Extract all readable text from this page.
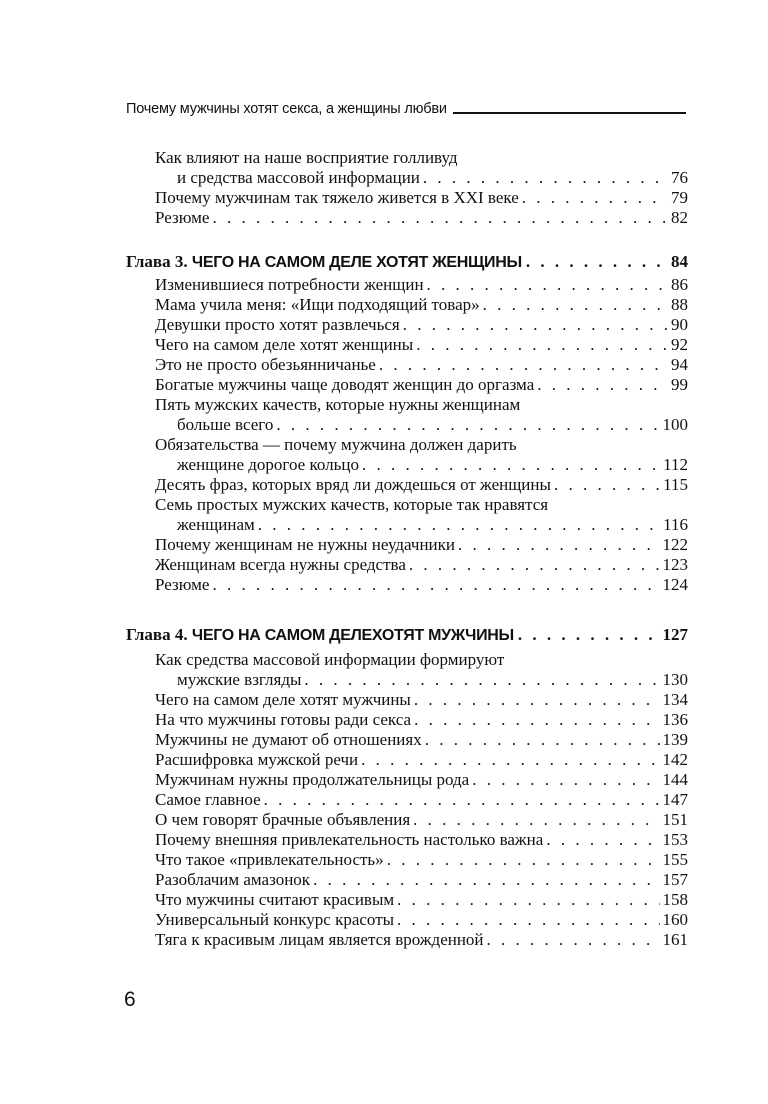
Почему мужчины хотят секса, а женщины любви
Как влияют на наше восприятие голливуд
и средства массовой информации . . .	76
Почему мужчинам так тяжело живется в XXI веке . . .	79
Резюме . . .	82
Глава 3. ЧЕГО НА САМОМ ДЕЛЕ ХОТЯТ ЖЕНЩИНЫ . . .	84
Изменившиеся потребности женщин . . .	86
Мама учила меня: «Ищи подходящий товар» . . .	88
Девушки просто хотят развлечься . . .	90
Чего на самом деле хотят женщины . . .	92
Это не просто обезьянничанье . . .	94
Богатые мужчины чаще доводят женщин до оргазма . . .	99
Пять мужских качеств, которые нужны женщинам
больше всего . . .	100
Обязательства — почему мужчина должен дарить
женщине дорогое кольцо . . .	112
Десять фраз, которых вряд ли дождешься от женщины . . .	115
Семь простых мужских качеств, которые так нравятся
женщинам . . .	116
Почему женщинам не нужны неудачники . . .	122
Женщинам всегда нужны средства . . .	123
Резюме . . .	124
Глава 4. ЧЕГО НА САМОМ ДЕЛЕХОТЯТ МУЖЧИНЫ . . .	127
Как средства массовой информации формируют
мужские взгляды . . .	130
Чего на самом деле хотят мужчины . . .	134
На что мужчины готовы ради секса . . .	136
Мужчины не думают об отношениях . . .	139
Расшифровка мужской речи . . .	142
Мужчинам нужны продолжательницы рода . . .	144
Самое главное . . .	147
О чем говорят брачные объявления . . .	151
Почему внешняя привлекательность настолько важна . . .	153
Что такое «привлекательность» . . .	155
Разоблачим амазонок . . .	157
Что мужчины считают красивым . . .	158
Универсальный конкурс красоты . . .	160
Тяга к красивым лицам является врожденной . . .	161
6
